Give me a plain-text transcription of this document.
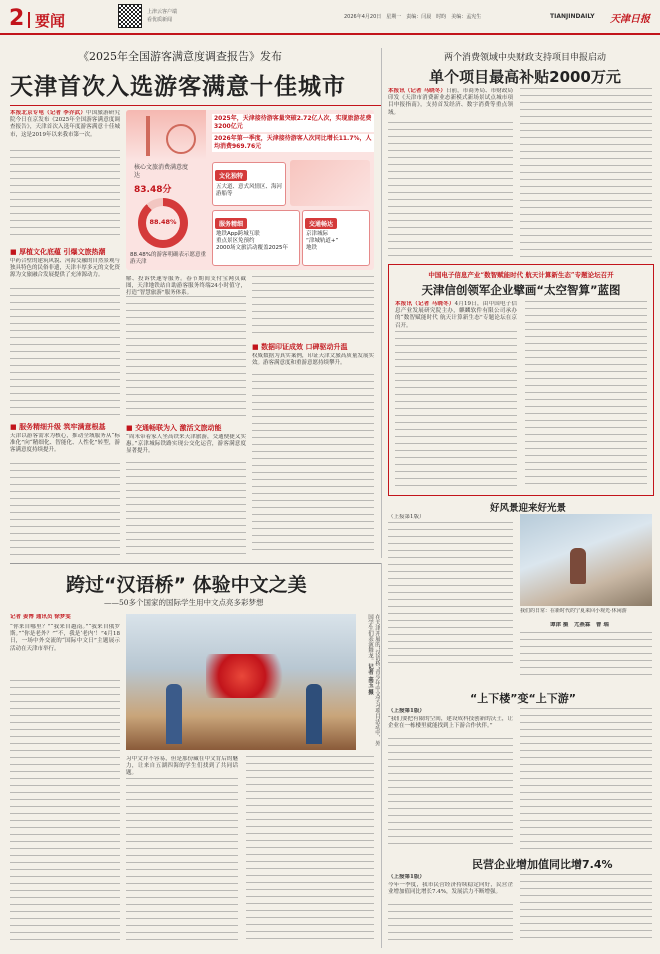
2 要闻	上津云客户端
看优质新闻	2026年4月20日　星期一　责编：闫晨　时昀　美编：孟宪生	TIANJINDAILY 天津日报
《2025年全国游客满意度调查报告》发布
天津首次入选游客满意十佳城市
本报北京专电（记者 李乔武）中国旅游研究院今日在京发布《2025年全国游客满意度调查报告》，天津首次入选年度游客满意十佳城市，这是2019年以来我市第一次。
■ 厚植文化底蕴 引爆文旅热潮
中药合壁的建筑风貌、河海交融的自然景观与独具特色的民俗非遗，天津丰厚多元的文化资源为文旅融合发展提供了充沛源动力。
■ 服务精细升级 筑牢满意根基
天津以游客需求为核心，推动全域服务从“标准化”向“精细化、智能化、人性化”转型，游客满意度持续提升。
2025年，天津接待游客量突破2.72亿人次，实现旅游花费3200亿元
2026年第一季度，天津接待游客人次同比增长11.7%，人均消费969.76元
核心文旅消费满意度达
83.48分
88.48%
88.48%的游客明确表示愿意重游天津
文化独特
五大道、意式风情区、海河游船等
服务精细
地铁App跨城互联
重点景区免预约
2000场文旅活动覆盖2025年
交通畅达
京津城际
“津城轨道+”
地铁
解、投诉快速等服务。春节期间支付宝网页截图，天津地铁站自助游客服务终端24小时值守，打造“智慧旅游”服务体系。
■ 交通畅联为入 激活文旅动能
“周末带着家人坐高铁来天津旅游，交通便捷又实惠。”京津城际铁路实现公交化运营，游客满意度显著提升。
■ 数据印证成效 口碑驱动升温
权威数据为真实案例，印证天津文旅高质量发展实效。游客满意度和重游意愿持续攀升。
两个消费领域中央财政支持项目申报启动
单个项目最高补贴2000万元
本报讯（记者 马晓冬）日前，市商务局、市财政局印发《天津市消费新业态新模式新场景试点城市项目申报指南》，支持首发经济、数字消费等重点领域。
中国电子信息产业“数智赋能时代 航天计算新生态”专题论坛召开
天津信创领军企业擘画“太空智算”蓝图
本报讯（记者 马晓冬）4月19日，由中国电子信息产业发展研究院主办，麒麟软件有限公司承办的“数智赋能时代 航天计算新生态”专题论坛在京召开。
好风景迎来好光景
（上接第1版）
我们的日常：在新时代的宁夏来回小观光·休闲游
谭津 摄　尤燕霖　曹 瑞
跨过“汉语桥” 体验中文之美
——50多个国家的国际学生用中文点亮多彩梦想
记者 姜博 通讯员 徐梦雯
“你来自哪里？”“我来自越南。”“我来自俄罗斯。”“你是老外？”“不，我是‘老内’！”4月18日，一场中外交流的“国际中文日”主题展示活动在天津市举行。	在天津开展的“汉语桥”青少年中文学习项目活动中，外国学生们表演舞龙。记者 高玉 摄
习中文并不容易，但是那份藏在中文背后的魅力，让来自五湖四海的学生们找到了共同话题。
“上下楼”变“上下游”
（上接第1版）
“我们要把有限的空间，建设成科技创新的沃土，让企业在一栋楼里就能找到上下游合作伙伴。”
民营企业增加值同比增7.4%
（上接第1版）
今年一季度，我市民营经济持续稳定向好，民营企业增加值同比增长7.4%，发展活力不断增强。
